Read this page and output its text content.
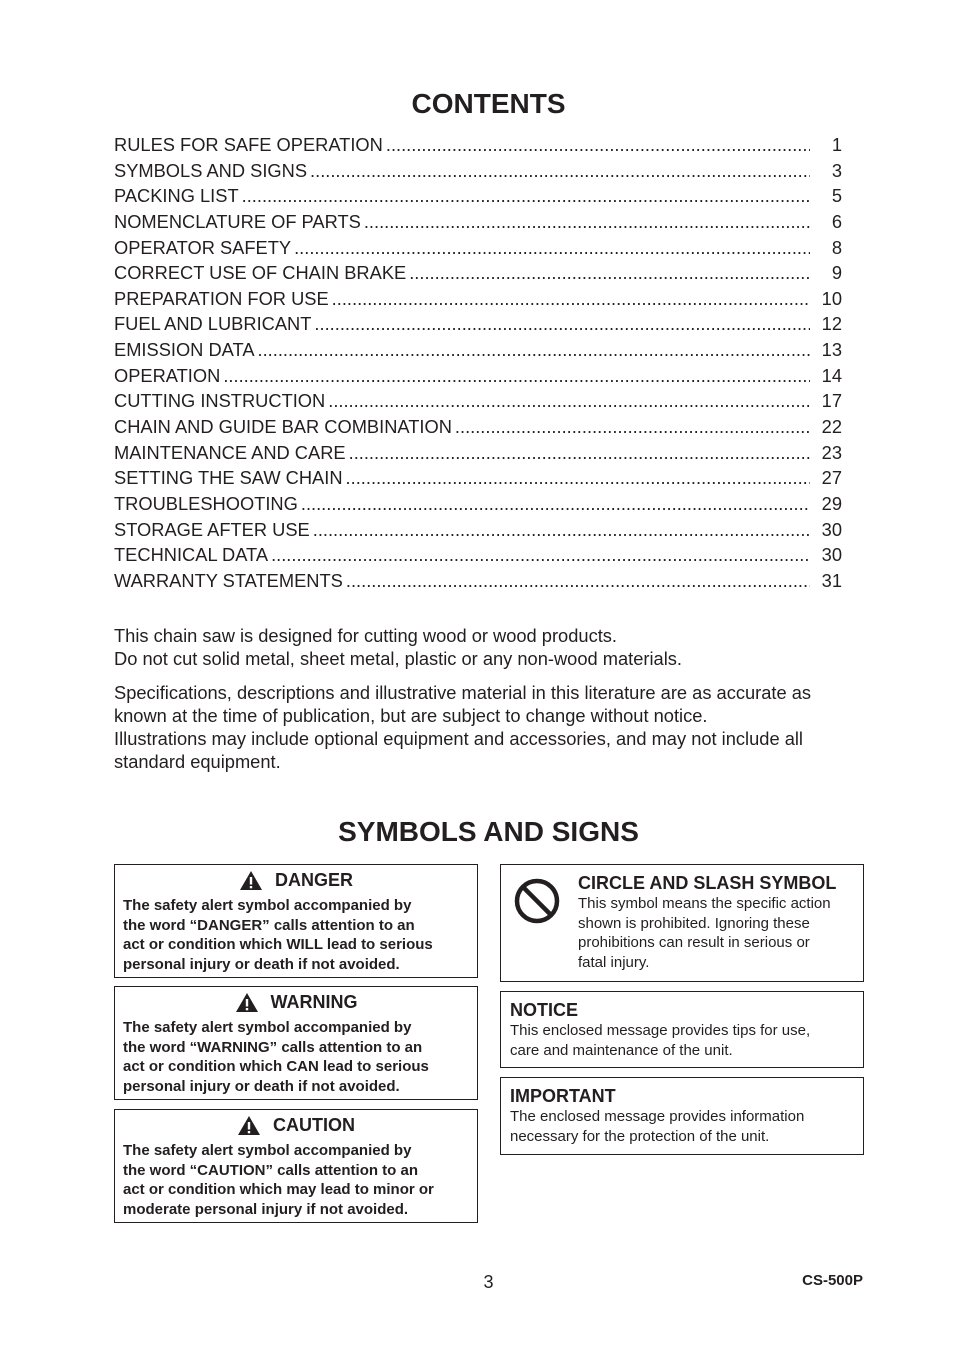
CONTENTS
RULES FOR SAFE OPERATION .....	1
SYMBOLS AND SIGNS .....	3
PACKING LIST .....	5
NOMENCLATURE OF PARTS .....	6
OPERATOR SAFETY .....	8
CORRECT USE OF CHAIN BRAKE .....	9
PREPARATION FOR USE .....	10
FUEL AND LUBRICANT .....	12
EMISSION DATA .....	13
OPERATION .....	14
CUTTING INSTRUCTION .....	17
CHAIN AND GUIDE BAR COMBINATION .....	22
MAINTENANCE AND CARE .....	23
SETTING THE SAW CHAIN .....	27
TROUBLESHOOTING .....	29
STORAGE AFTER USE .....	30
TECHNICAL DATA .....	30
WARRANTY STATEMENTS .....	31

This chain saw is designed for cutting wood or wood products.
Do not cut solid metal, sheet metal, plastic or any non-wood materials.

Specifications, descriptions and illustrative material in this literature are as accurate as
known at the time of publication, but are subject to change without notice.
Illustrations may include optional equipment and accessories, and may not include all
standard equipment.

SYMBOLS AND SIGNS
DANGER

The safety alert symbol accompanied by
the word “DANGER” calls attention to an
act or condition which WILL lead to serious
personal injury or death if not avoided.

WARNING

The safety alert symbol accompanied by
the word “WARNING” calls attention to an
act or condition which CAN lead to serious
personal injury or death if not avoided.

CAUTION

The safety alert symbol accompanied by
the word “CAUTION” calls attention to an
act or condition which may lead to minor or
moderate personal injury if not avoided.

CIRCLE AND SLASH SYMBOL

This symbol means the specific action
shown is prohibited. Ignoring these
prohibitions can result in serious or
fatal injury.

NOTICE

This enclosed message provides tips for use,
care and maintenance of the unit.

IMPORTANT

The enclosed message provides information
necessary for the protection of the unit.

3	CS-500P
